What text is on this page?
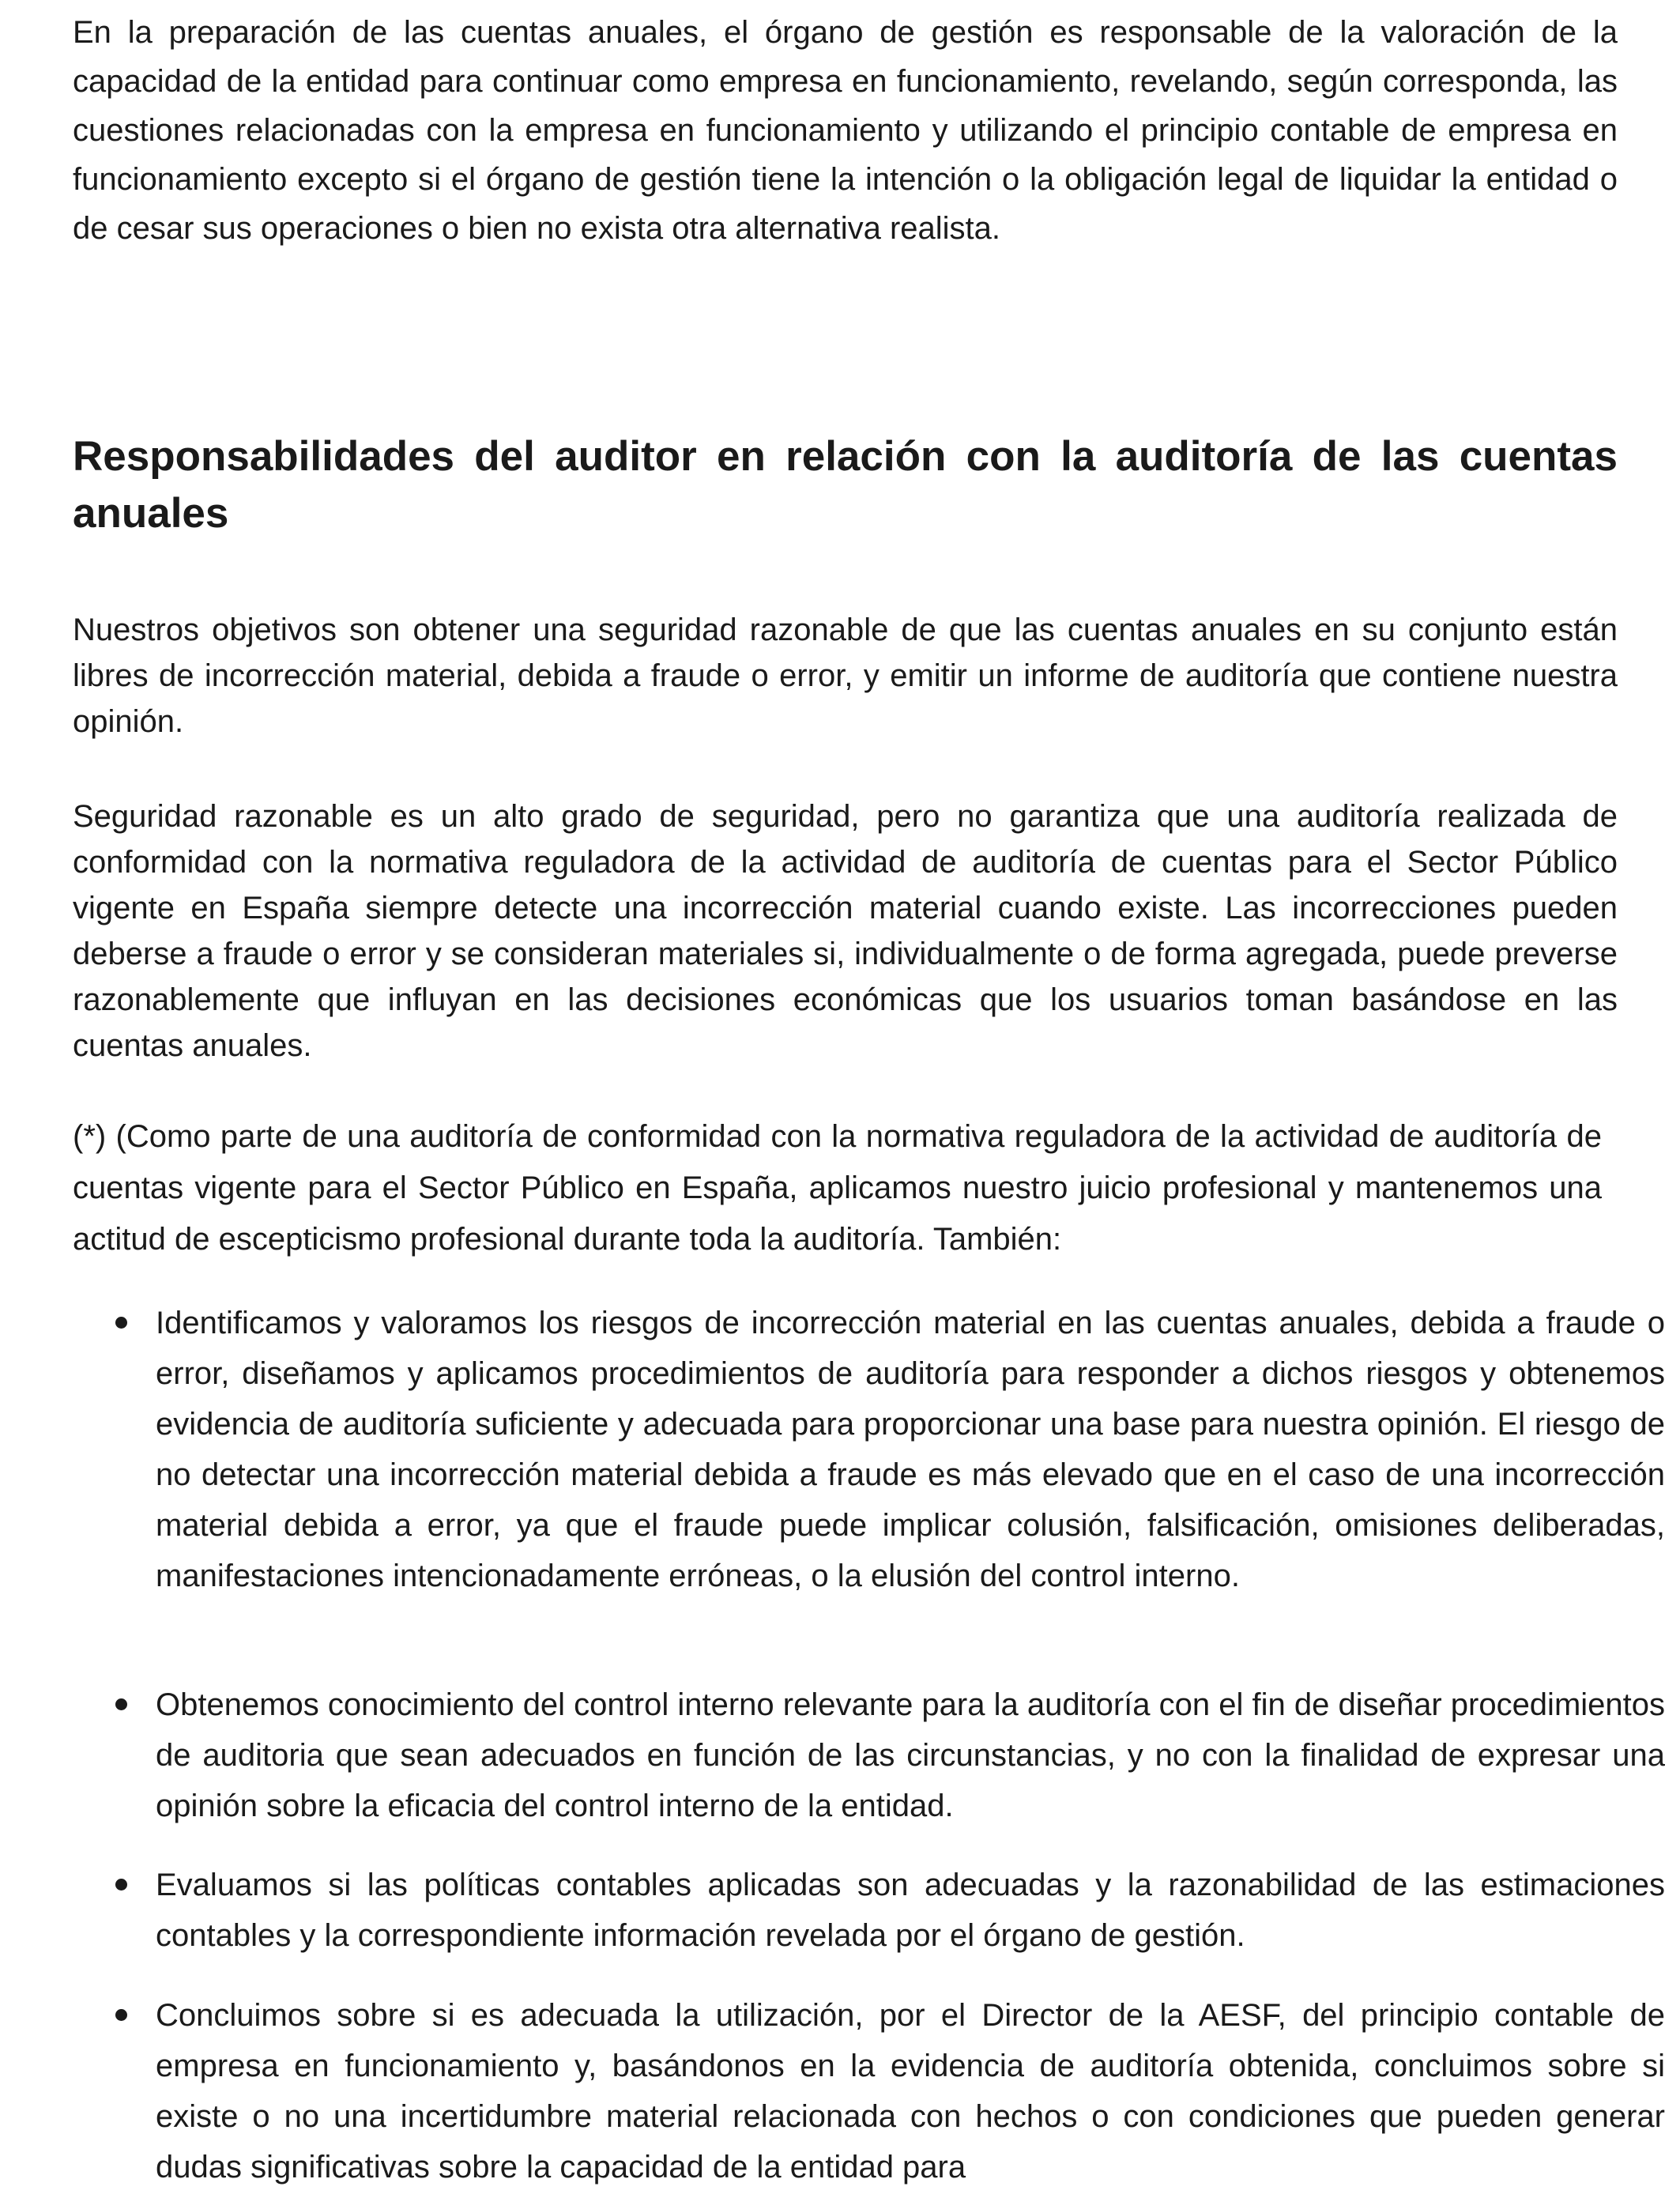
En la preparación de las cuentas anuales, el órgano de gestión es responsable de la valoración de la capacidad de la entidad para continuar como empresa en funcionamiento, revelando, según corresponda, las cuestiones relacionadas con la empresa en funcionamiento y utilizando el principio contable de empresa en funcionamiento excepto si el órgano de gestión tiene la intención o la obligación legal de liquidar la entidad o de cesar sus operaciones o bien no exista otra alternativa realista.

Responsabilidades del auditor en relación con la auditoría de las cuentas anuales

Nuestros objetivos son obtener una seguridad razonable de que las cuentas anuales en su conjunto están libres de incorrección material, debida a fraude o error, y emitir un informe de auditoría que contiene nuestra opinión.

Seguridad razonable es un alto grado de seguridad, pero no garantiza que una auditoría realizada de conformidad con la normativa reguladora de la actividad de auditoría de cuentas para el Sector Público vigente en España siempre detecte una incorrección material cuando existe. Las incorrecciones pueden deberse a fraude o error y se consideran materiales si, individualmente o de forma agregada, puede preverse razonablemente que influyan en las decisiones económicas que los usuarios toman basándose en las cuentas anuales.

(*) (Como parte de una auditoría de conformidad con la normativa reguladora de la actividad de auditoría de cuentas vigente para el Sector Público en España, aplicamos nuestro juicio profesional y mantenemos una actitud de escepticismo profesional durante toda la auditoría. También:

Identificamos y valoramos los riesgos de incorrección material en las cuentas anuales, debida a fraude o error, diseñamos y aplicamos procedimientos de auditoría para responder a dichos riesgos y obtenemos evidencia de auditoría suficiente y adecuada para proporcionar una base para nuestra opinión. El riesgo de no detectar una incorrección material debida a fraude es más elevado que en el caso de una incorrección material debida a error, ya que el fraude puede implicar colusión, falsificación, omisiones deliberadas, manifestaciones intencionadamente erróneas, o la elusión del control interno.
Obtenemos conocimiento del control interno relevante para la auditoría con el fin de diseñar procedimientos de auditoria que sean adecuados en función de las circunstancias, y no con la finalidad de expresar una opinión sobre la eficacia del control interno de la entidad.
Evaluamos si las políticas contables aplicadas son adecuadas y la razonabilidad de las estimaciones contables y la correspondiente información revelada por el órgano de gestión.
Concluimos sobre si es adecuada la utilización, por el Director de la AESF, del principio contable de empresa en funcionamiento y, basándonos en la evidencia de auditoría obtenida, concluimos sobre si existe o no una incertidumbre material relacionada con hechos o con condiciones que pueden generar dudas significativas sobre la capacidad de la entidad para
